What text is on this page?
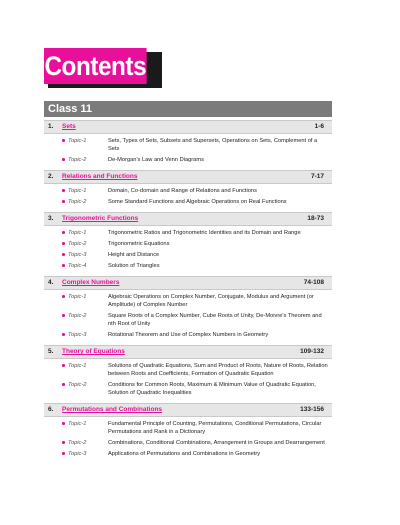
Contents
Class 11
1. Sets	1-6
Topic-1	Sets, Types of Sets, Subsets and Supersets, Operations on Sets, Complement of a Sets
Topic-2	De-Morgan's Law and Venn Diagrams
2. Relations and Functions	7-17
Topic-1	Domain, Co-domain and Range of Relations and Functions
Topic-2	Some Standard Functions and Algebraic Operations on Real Functions
3. Trigonometric Functions	18-73
Topic-1	Trigonometric Ratios and Trigonometric Identities and its Domain and Range
Topic-2	Trigonometric Equations
Topic-3	Height and Distance
Topic-4	Solution of Triangles
4. Complex Numbers	74-108
Topic-1	Algebraic Operations on Complex Number, Conjugate, Modulus and Argument (or Amplitude) of Complex Number
Topic-2	Square Roots of a Complex Number, Cube Roots of Unity, De-Moivre's Theorem and nth Root of Unity
Topic-3	Rotational Theorem and Use of Complex Numbers in Geometry
5. Theory of Equations	109-132
Topic-1	Solutions of Quadratic Equations, Sum and Product of Roots, Nature of Roots, Relation between Roots and Coefficients, Formation of Quadratic Equation
Topic-2	Conditions for Common Roots, Maximum & Minimum Value of Quadratic Equation, Solution of Quadratic Inequalities
6. Permutations and Combinations	133-156
Topic-1	Fundamental Principle of Counting, Permutations, Conditional Permutations, Circular Permutations and Rank in a Dictionary
Topic-2	Combinations, Conditional Combinations, Arrangement in Groups and Dearrangement
Topic-3	Applications of Permutations and Combinations in Geometry
